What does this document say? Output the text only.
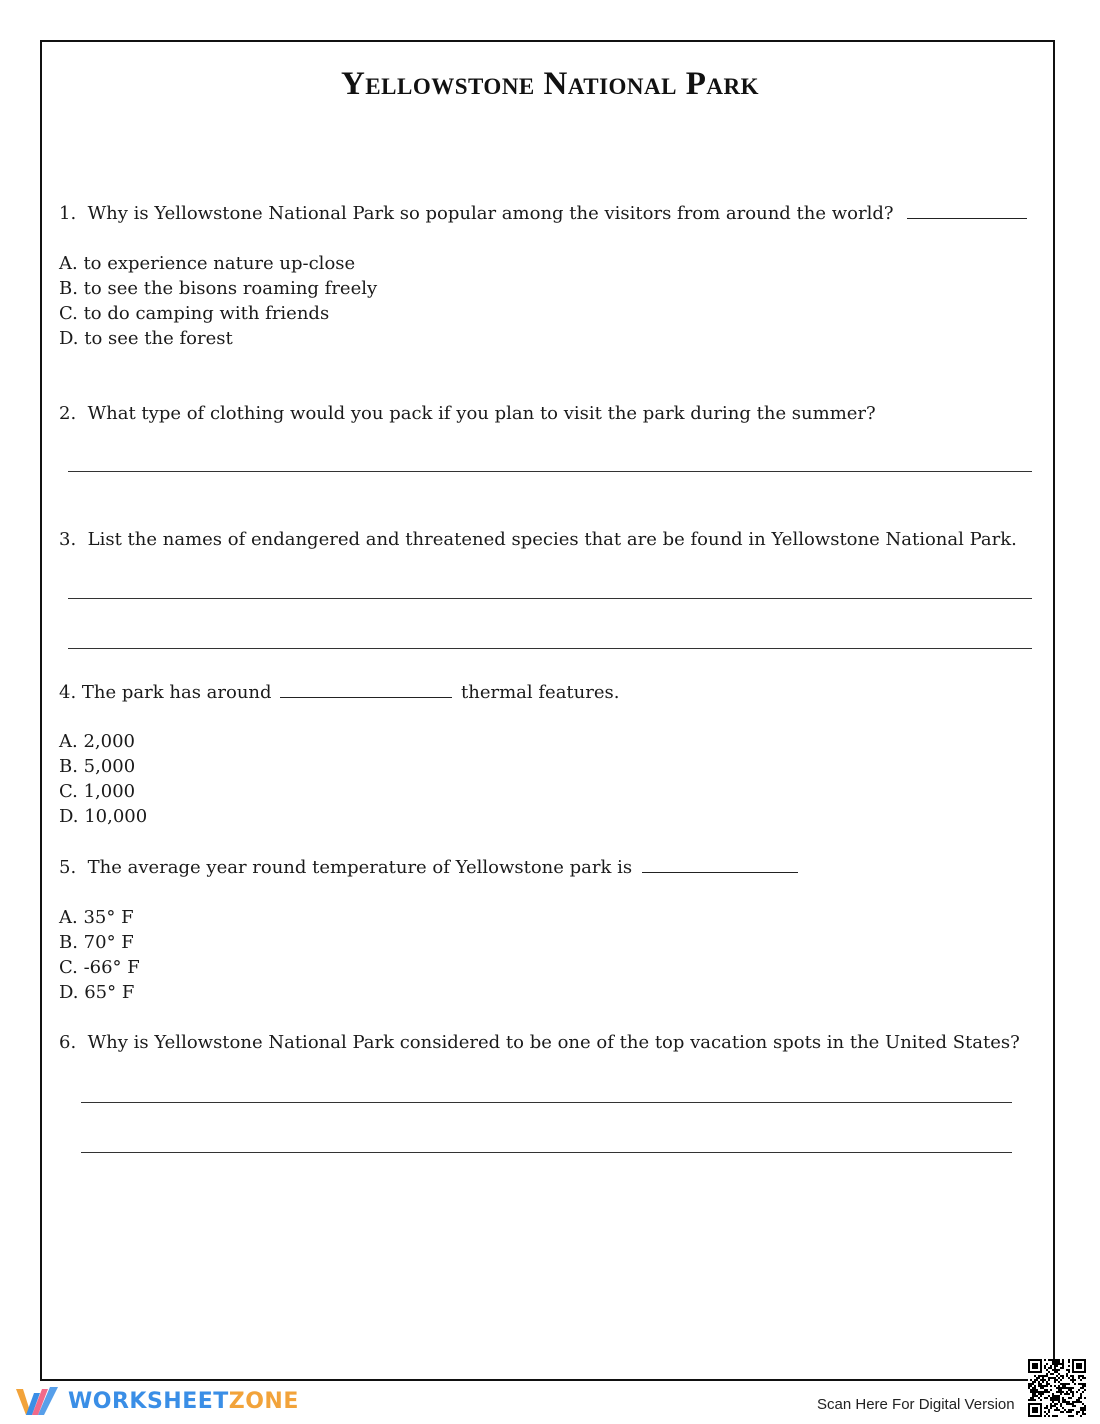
Yellowstone National Park
1. Why is Yellowstone National Park so popular among the visitors from around the world?
A. to experience nature up-close
B. to see the bisons roaming freely
C. to do camping with friends
D. to see the forest
2. What type of clothing would you pack if you plan to visit the park during the summer?
3. List the names of endangered and threatened species that are be found in Yellowstone National Park.
4. The park has around	thermal features.
A. 2,000
B. 5,000
C. 1,000
D. 10,000
5. The average year round temperature of Yellowstone park is
A. 35° F
B. 70° F
C. -66° F
D. 65° F
6. Why is Yellowstone National Park considered to be one of the top vacation spots in the United States?
WORKSHEETZONE	Scan Here For Digital Version
